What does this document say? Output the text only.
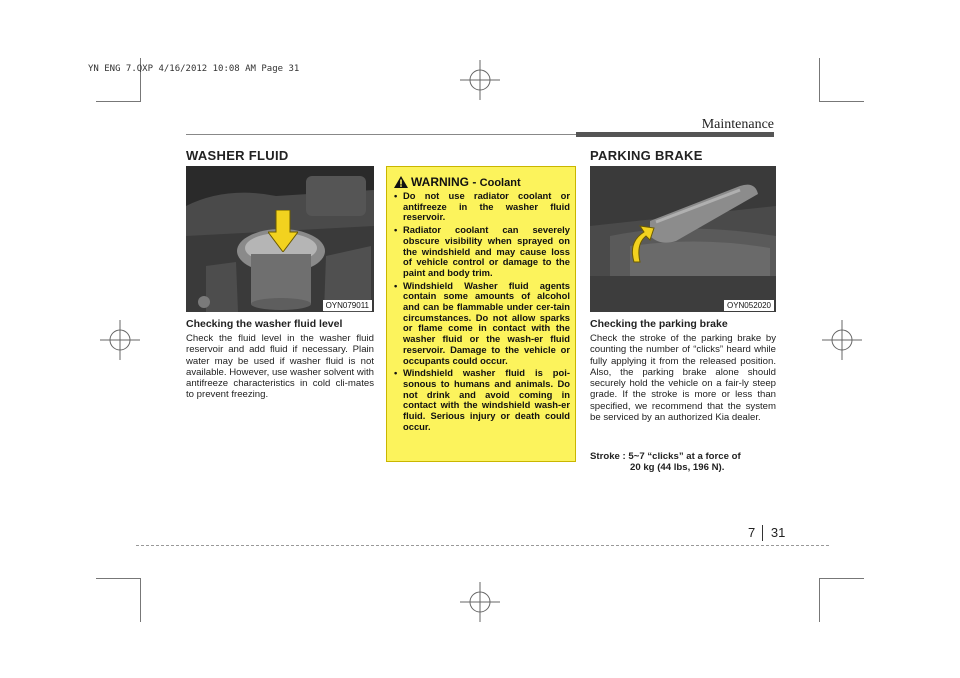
YN ENG 7.QXP 4/16/2012 10:08 AM Page 31
Maintenance
WASHER FLUID
OYN079011
Checking the washer fluid level
Check the fluid level in the washer fluid reservoir and add fluid if necessary. Plain water may be used if washer fluid is not available. However, use washer solvent with antifreeze characteristics in cold cli-mates to prevent freezing.
WARNING - Coolant
• Do not use radiator coolant or antifreeze in the washer fluid reservoir.
• Radiator coolant can severely obscure visibility when sprayed on the windshield and may cause loss of vehicle control or damage to the paint and body trim.
• Windshield Washer fluid agents contain some amounts of alcohol and can be flammable under cer-tain circumstances. Do not allow sparks or flame come in contact with the washer fluid or the wash-er fluid reservoir. Damage to the vehicle or occupants could occur.
• Windshield washer fluid is poi-sonous to humans and animals. Do not drink and avoid coming in contact with the windshield wash-er fluid. Serious injury or death could occur.
PARKING BRAKE
OYN052020
Checking the parking brake
Check the stroke of the parking brake by counting the number of “clicks” heard while fully applying it from the released position. Also, the parking brake alone should securely hold the vehicle on a fair-ly steep grade. If the stroke is more or less than specified, we recommend that the system be serviced by an authorized Kia dealer.
Stroke : 5~7 “clicks” at a force of
20 kg (44 lbs, 196 N).
7 31
